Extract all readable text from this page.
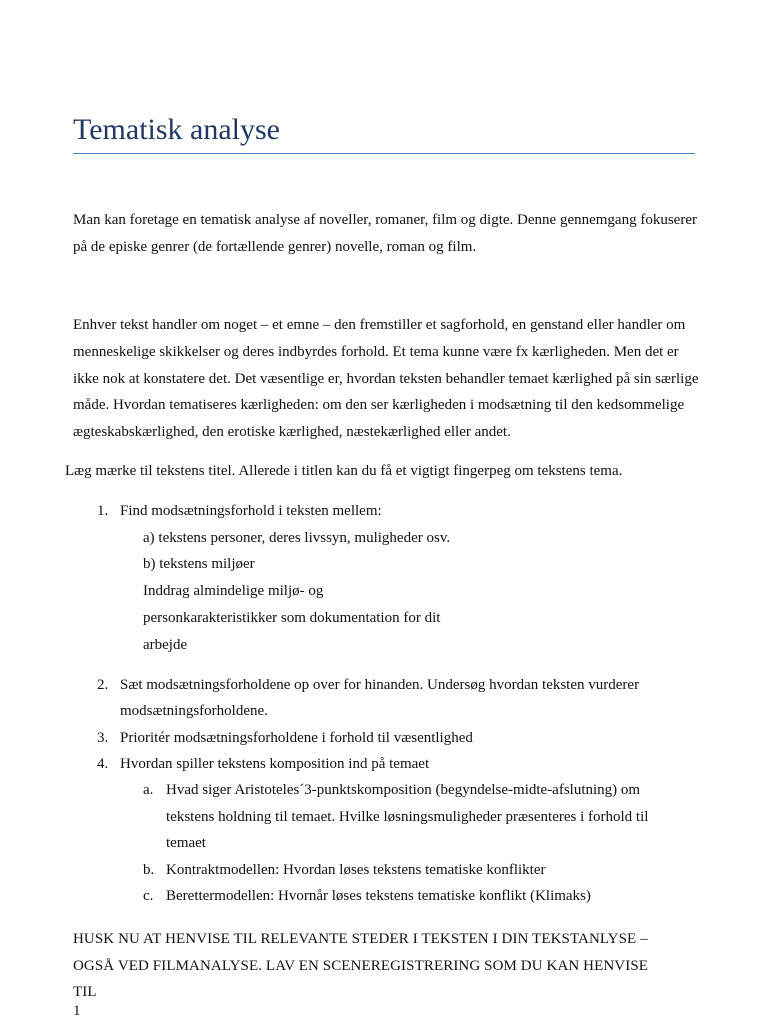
Tematisk analyse

Man kan foretage en tematisk analyse af noveller, romaner, film og digte. Denne gennemgang fokuserer på de episke genrer (de fortællende genrer) novelle, roman og film.

Enhver tekst handler om noget – et emne – den fremstiller et sagforhold, en genstand eller handler om menneskelige skikkelser og deres indbyrdes forhold. Et tema kunne være fx kærligheden. Men det er ikke nok at konstatere det. Det væsentlige er, hvordan teksten behandler temaet kærlighed på sin særlige måde. Hvordan tematiseres kærligheden: om den ser kærligheden i modsætning til den kedsommelige ægteskabskærlighed, den erotiske kærlighed, næstekærlighed eller andet.

Læg mærke til tekstens titel. Allerede i titlen kan du få et vigtigt fingerpeg om tekstens tema.

1. Find modsætningsforhold i teksten mellem:
a) tekstens personer, deres livssyn, muligheder osv.
b) tekstens miljøer
Inddrag almindelige miljø- og
personkarakteristikker som dokumentation for dit
arbejde
2. Sæt modsætningsforholdene op over for hinanden. Undersøg hvordan teksten vurderer
modsætningsforholdene.
3. Prioritér modsætningsforholdene i forhold til væsentlighed
4. Hvordan spiller tekstens komposition ind på temaet
a. Hvad siger Aristoteles´3-punktskomposition (begyndelse-midte-afslutning) om
tekstens holdning til temaet. Hvilke løsningsmuligheder præsenteres i forhold til
temaet
b. Kontraktmodellen: Hvordan løses tekstens tematiske konflikter
c. Berettermodellen: Hvornår løses tekstens tematiske konflikt (Klimaks)

HUSK NU AT HENVISE TIL RELEVANTE STEDER I TEKSTEN I DIN TEKSTANLYSE – OGSÅ VED FILMANALYSE. LAV EN SCENEREGISTRERING SOM DU KAN HENVISE TIL

1
